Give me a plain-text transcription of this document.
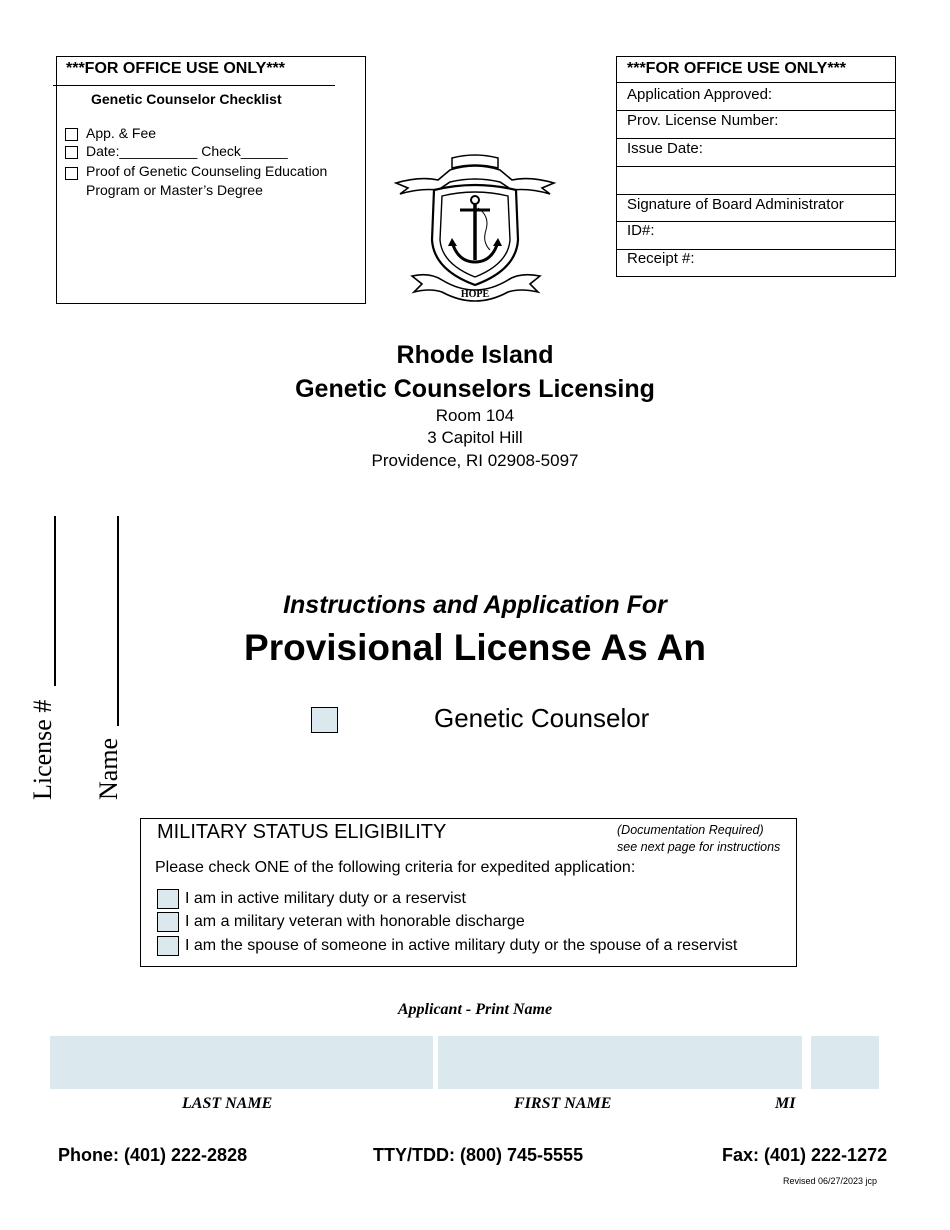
***FOR OFFICE USE ONLY***
Genetic Counselor Checklist
App. & Fee
Date:__________ Check______
Proof of Genetic Counseling Education
Program or Master’s Degree
***FOR OFFICE USE ONLY***
Application Approved:
Prov. License Number:
Issue Date:
Signature of Board Administrator
ID#:
Receipt #:
HOPE
Rhode Island
Genetic Counselors Licensing
Room 104
3 Capitol Hill
Providence, RI 02908-5097
License # Name
Instructions and Application For
Provisional License As An
Genetic Counselor
MILITARY STATUS ELIGIBILITY	(Documentation Required)
see next page for instructions
Please check ONE of the following criteria for expedited application:
I am in active military duty or a reservist
I am a military veteran with honorable discharge
I am the spouse of someone in active military duty or the spouse of a reservist
Applicant - Print Name
LAST NAME	FIRST NAME	MI
Phone: (401) 222-2828	TTY/TDD: (800) 745-5555	Fax: (401) 222-1272
Revised 06/27/2023 jcp
